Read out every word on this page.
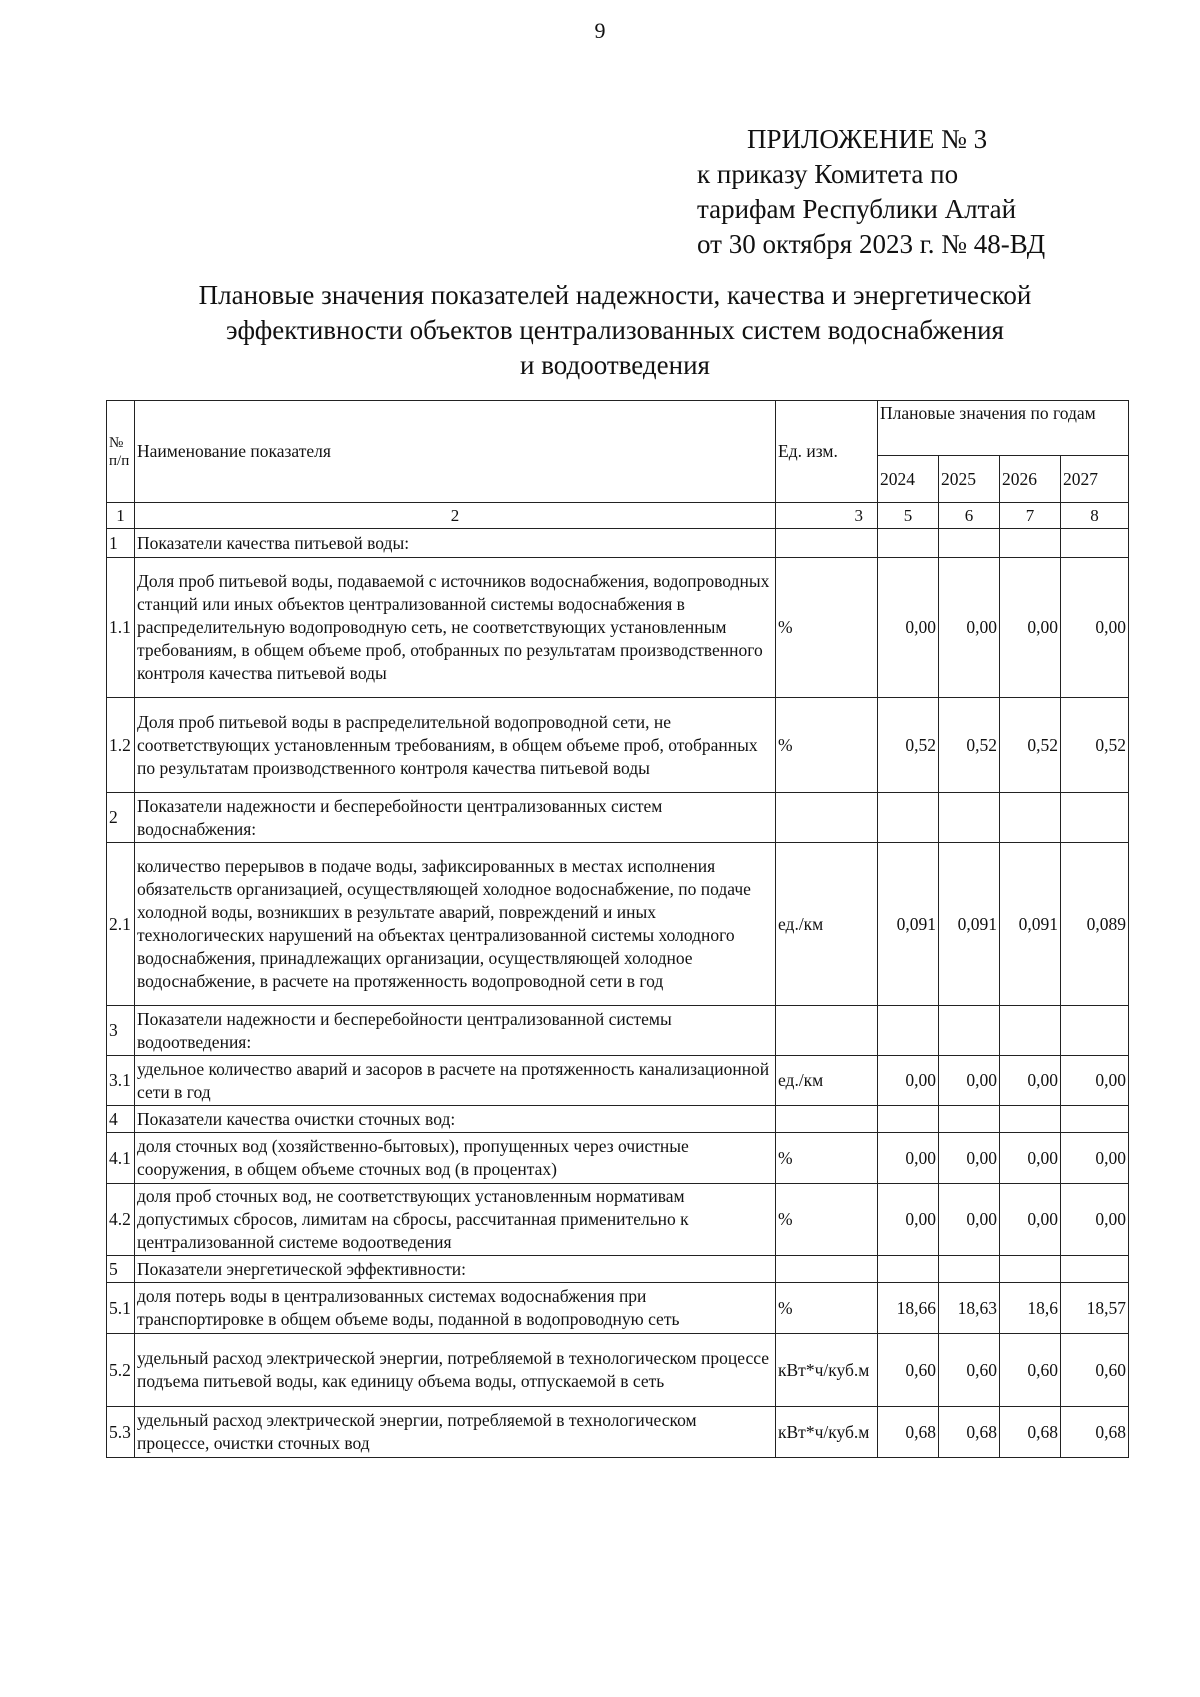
9
ПРИЛОЖЕНИЕ № 3
к приказу Комитета по
тарифам Республики Алтай
от 30 октября 2023 г. № 48-ВД
Плановые значения показателей надежности, качества и энергетической
эффективности объектов централизованных систем водоснабжения
и водоотведения
№ п/п	Наименование показателя	Ед. изм.	Плановые значения по годам			
			2024	2025	2026	2027
1	2	3	5	6	7	8
1	Показатели качества питьевой воды:					
1.1	Доля проб питьевой воды, подаваемой с источников водоснабжения, водопроводных станций или иных объектов централизованной системы водоснабжения в распределительную водопроводную сеть, не соответствующих установленным требованиям, в общем объеме проб, отобранных по результатам производственного контроля качества питьевой воды	%	0,00	0,00	0,00	0,00
1.2	Доля проб питьевой воды в распределительной водопроводной сети, не соответствующих установленным требованиям, в общем объеме проб, отобранных по результатам производственного контроля качества питьевой воды	%	0,52	0,52	0,52	0,52
2	Показатели надежности и бесперебойности централизованных систем водоснабжения:					
2.1	количество перерывов в подаче воды, зафиксированных в местах исполнения обязательств организацией, осуществляющей холодное водоснабжение, по подаче холодной воды, возникших в результате аварий, повреждений и иных технологических нарушений на объектах централизованной системы холодного водоснабжения, принадлежащих организации, осуществляющей холодное водоснабжение, в расчете на протяженность водопроводной сети в год	ед./км	0,091	0,091	0,091	0,089
3	Показатели надежности и бесперебойности централизованной системы водоотведения:					
3.1	удельное количество аварий и засоров в расчете на протяженность канализационной сети в год	ед./км	0,00	0,00	0,00	0,00
4	Показатели качества очистки сточных вод:					
4.1	доля сточных вод (хозяйственно-бытовых), пропущенных через очистные сооружения, в общем объеме сточных вод (в процентах)	%	0,00	0,00	0,00	0,00
4.2	доля проб сточных вод, не соответствующих установленным нормативам допустимых сбросов, лимитам на сбросы, рассчитанная применительно к централизованной системе водоотведения	%	0,00	0,00	0,00	0,00
5	Показатели энергетической эффективности:					
5.1	доля потерь воды в централизованных системах водоснабжения при транспортировке в общем объеме воды, поданной в водопроводную сеть	%	18,66	18,63	18,6	18,57
5.2	удельный расход электрической энергии, потребляемой в технологическом процессе подъема питьевой воды, как единицу объема воды, отпускаемой в сеть	кВт*ч/куб.м	0,60	0,60	0,60	0,60
5.3	удельный расход электрической энергии, потребляемой в технологическом процессе, очистки сточных вод	кВт*ч/куб.м	0,68	0,68	0,68	0,68
